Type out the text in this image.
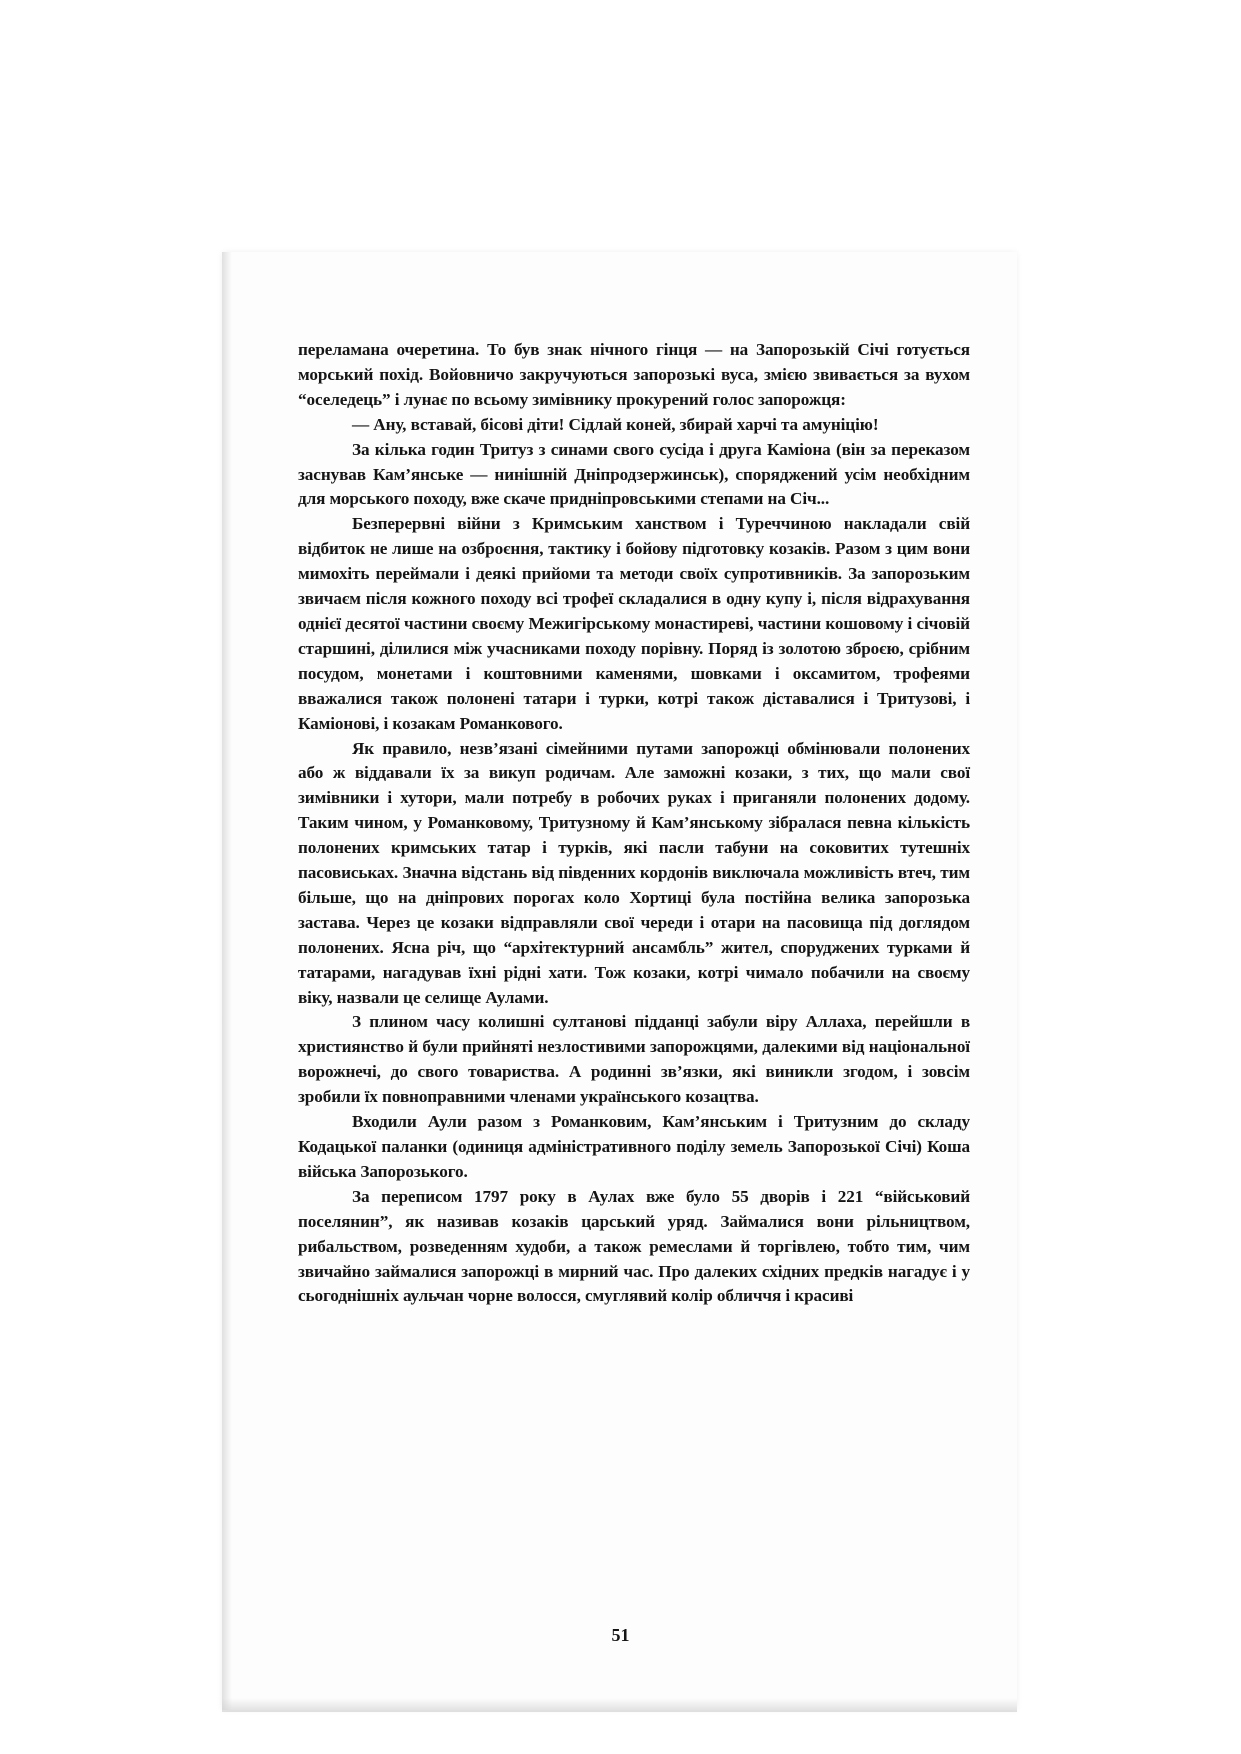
переламана очеретина. То був знак нічного гінця — на Запорозькій Січі готується морський похід. Войовничо закручуються запорозькі вуса, змією звивається за вухом “оселедець” і лунає по всьому зимівнику прокурений голос запорожця:

— Ану, вставай, бісові діти! Сідлай коней, збирай харчі та амуніцію!

За кілька годин Тритуз з синами свого сусіда і друга Каміона (він за переказом заснував Кам’янське — нинішній Дніпродзержинськ), споряджений усім необхідним для морського походу, вже скаче придніпровськими степами на Січ...

Безперервні війни з Кримським ханством і Туреччиною накладали свій відбиток не лише на озброєння, тактику і бойову підготовку козаків. Разом з цим вони мимохіть переймали і деякі прийоми та методи своїх супротивників. За запорозьким звичаєм після кожного походу всі трофеї складалися в одну купу і, після відрахування однієї десятої частини своєму Межигірському монастиреві, частини кошовому і січовій старшині, ділилися між учасниками походу порівну. Поряд із золотою зброєю, срібним посудом, монетами і коштовними каменями, шовками і оксамитом, трофеями вважалися також полонені татари і турки, котрі також діставалися і Тритузові, і Каміонові, і козакам Романкового.

Як правило, незв’язані сімейними путами запорожці обмінювали полонених або ж віддавали їх за викуп родичам. Але заможні козаки, з тих, що мали свої зимівники і хутори, мали потребу в робочих руках і приганяли полонених додому. Таким чином, у Романковому, Тритузному й Кам’янському зібралася певна кількість полонених кримських татар і турків, які пасли табуни на соковитих тутешніх пасовиськах. Значна відстань від південних кордонів виключала можливість втеч, тим більше, що на дніпрових порогах коло Хортиці була постійна велика запорозька застава. Через це козаки відправляли свої череди і отари на пасовища під доглядом полонених. Ясна річ, що “архітектурний ансамбль” жител, споруджених турками й татарами, нагадував їхні рідні хати. Тож козаки, котрі чимало побачили на своєму віку, назвали це селище Аулами.

З плином часу колишні султанові підданці забули віру Аллаха, перейшли в християнство й були прийняті незлостивими запорожцями, далекими від національної ворожнечі, до свого товариства. А родинні зв’язки, які виникли згодом, і зовсім зробили їх повноправними членами українського козацтва.

Входили Аули разом з Романковим, Кам’янським і Тритузним до складу Кодацької паланки (одиниця адміністративного поділу земель Запорозької Січі) Коша війська Запорозького.

За переписом 1797 року в Аулах вже було 55 дворів і 221 “військовий поселянин”, як називав козаків царський уряд. Займалися вони рільництвом, рибальством, розведенням худоби, а також ремеслами й торгівлею, тобто тим, чим звичайно займалися запорожці в мирний час. Про далеких східних предків нагадує і у сьогоднішніх аульчан чорне волосся, смуглявий колір обличчя і красиві

51
